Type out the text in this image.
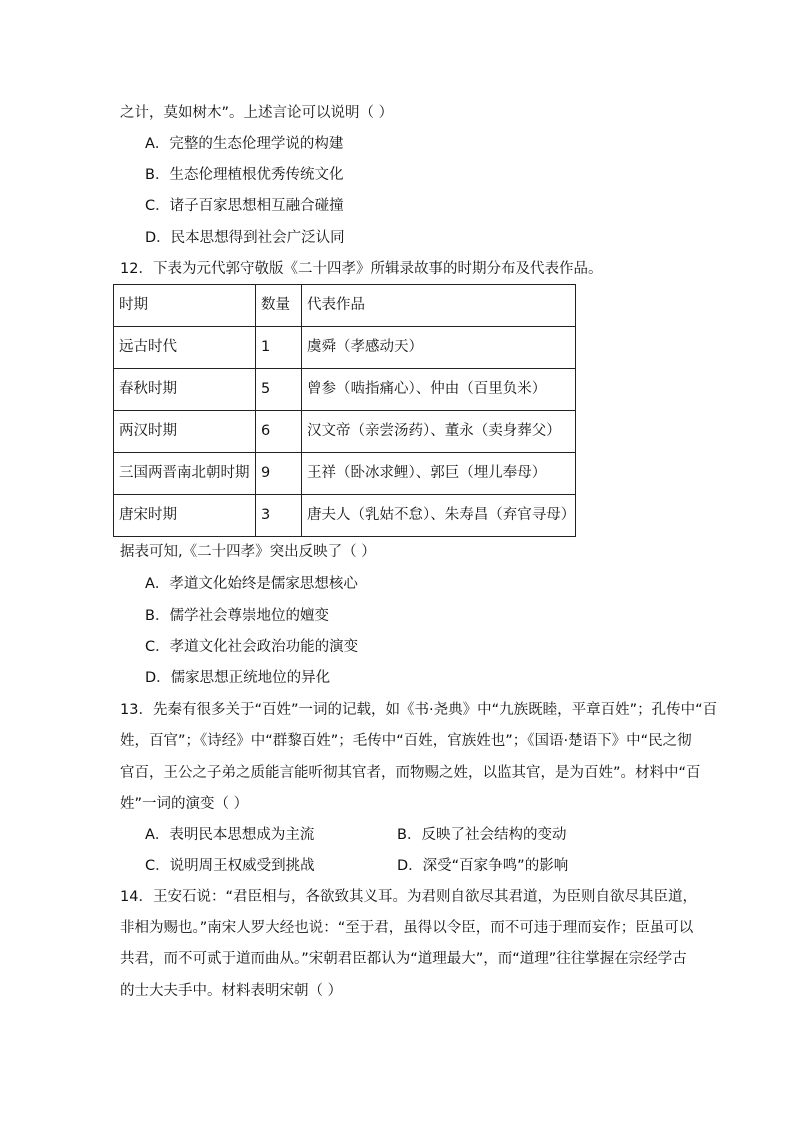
之计，莫如树木”。上述言论可以说明（ ）
A．完整的生态伦理学说的构建
B．生态伦理植根优秀传统文化
C．诸子百家思想相互融合碰撞
D．民本思想得到社会广泛认同
12．下表为元代郭守敬版《二十四孝》所辑录故事的时期分布及代表作品。
时期	数量	代表作品
远古时代	1	虞舜（孝感动天）
春秋时期	5	曾参（啮指痛心）、仲由（百里负米）
两汉时期	6	汉文帝（亲尝汤药）、董永（卖身葬父）
三国两晋南北朝时期	9	王祥（卧冰求鲤）、郭巨（埋儿奉母）
唐宋时期	3	唐夫人（乳姑不怠）、朱寿昌（弃官寻母）
据表可知,《二十四孝》突出反映了（ ）
A．孝道文化始终是儒家思想核心
B．儒学社会尊崇地位的嬗变
C．孝道文化社会政治功能的演变
D．儒家思想正统地位的异化
13．先秦有很多关于“百姓”一词的记载，如《书·尧典》中“九族既睦，平章百姓”；孔传中“百
姓，百官”；《诗经》中“群黎百姓”；毛传中“百姓，官族姓也”；《国语·楚语下》中“民之彻
官百，王公之子弟之质能言能听彻其官者，而物赐之姓，以监其官，是为百姓”。材料中“百
姓”一词的演变（ ）
A．表明民本思想成为主流	B．反映了社会结构的变动
C．说明周王权威受到挑战	D．深受“百家争鸣”的影响
14．王安石说：“君臣相与，各欲致其义耳。为君则自欲尽其君道，为臣则自欲尽其臣道，
非相为赐也。”南宋人罗大经也说：“至于君，虽得以令臣，而不可违于理而妄作；臣虽可以
共君，而不可贰于道而曲从。”宋朝君臣都认为“道理最大”，而“道理”往往掌握在宗经学古
的士大夫手中。材料表明宋朝（ ）
